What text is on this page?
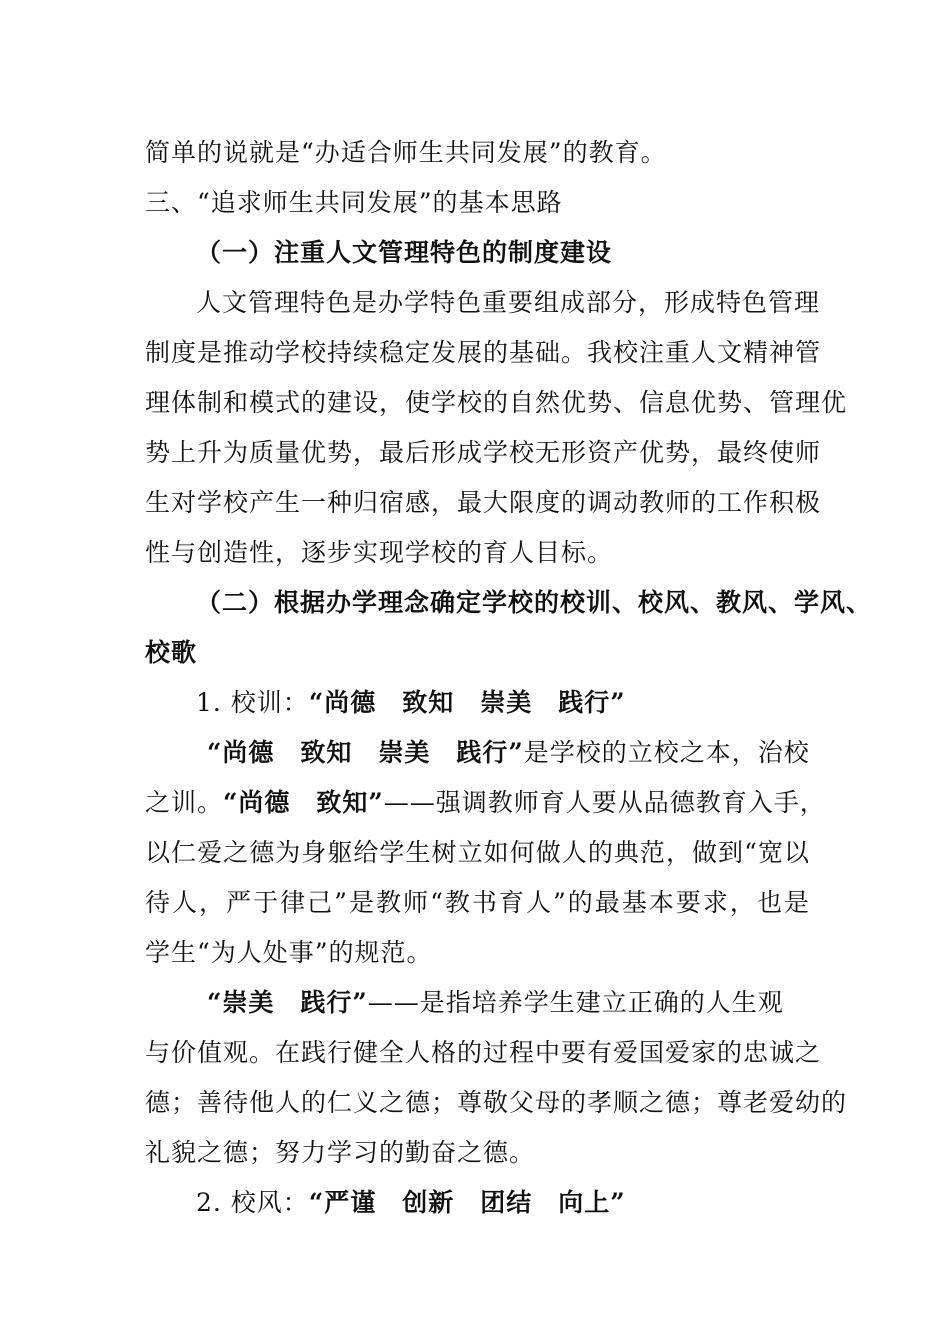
简单的说就是“办适合师生共同发展”的教育。
三、“追求师生共同发展”的基本思路
（一）注重人文管理特色的制度建设
人文管理特色是办学特色重要组成部分，形成特色管理
制度是推动学校持续稳定发展的基础。我校注重人文精神管
理体制和模式的建设，使学校的自然优势、信息优势、管理优
势上升为质量优势，最后形成学校无形资产优势，最终使师
生对学校产生一种归宿感，最大限度的调动教师的工作积极
性与创造性，逐步实现学校的育人目标。
（二）根据办学理念确定学校的校训、校风、教风、学风、
校歌
1. 校训：“尚德　致知　崇美　践行”
“尚德　致知　崇美　践行”是学校的立校之本，治校
之训。“尚德　致知”——强调教师育人要从品德教育入手，
以仁爱之德为身躯给学生树立如何做人的典范，做到“宽以
待人，严于律己”是教师“教书育人”的最基本要求，也是
学生“为人处事”的规范。
“崇美　践行”——是指培养学生建立正确的人生观
与价值观。在践行健全人格的过程中要有爱国爱家的忠诚之
德；善待他人的仁义之德；尊敬父母的孝顺之德；尊老爱幼的
礼貌之德；努力学习的勤奋之德。
2. 校风：“严谨　创新　团结　向上”
